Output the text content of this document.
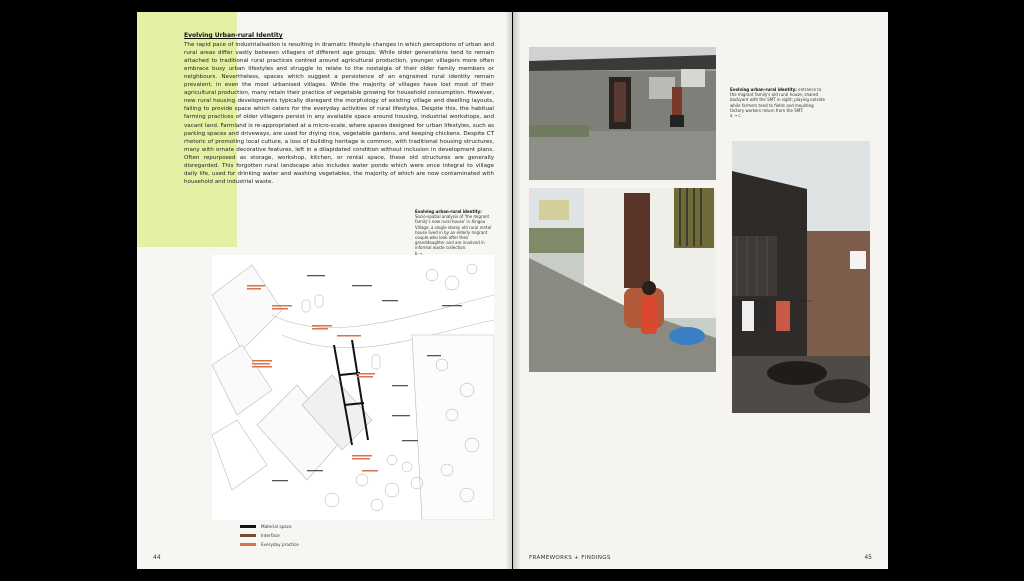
Evolving Urban-rural Identity
The rapid pace of industrialisation is resulting in dramatic lifestyle changes in which perceptions of urban and rural areas differ vastly between villagers of different age groups. While older generations tend to remain attached to traditional rural practices centred around agricultural production, younger villagers more often embrace busy urban lifestyles and struggle to relate to the nostalgia of their older family members or neighbours. Nevertheless, spaces which suggest a persistence of an engrained rural identity remain prevalent, in even the most urbanised villages. While the majority of villages have lost most of their agricultural production, many retain their practice of vegetable growing for household consumption. However, new rural housing developments typically disregard the morphology of existing village and dwelling layouts, failing to provide space which caters for the everyday activities of rural lifestyles. Despite this, the habitual farming practices of older villagers persist in any available space around housing, industrial workshops, and vacant land. Farmland is re-appropriated at a micro-scale, where spaces designed for urban lifestyles, such as parking spaces and driveways, are used for drying rice, vegetable gardens, and keeping chickens. Despite CT rhetoric of promoting local culture, a loss of building heritage is common, with traditional housing structures, many with ornate decorative features, left in a dilapidated condition without inclusion in development plans. Often repurposed as storage, workshop, kitchen, or rental space, these old structures are generally disregarded. This forgotten rural landscape also includes water ponds which were once integral to village daily life, used for drinking water and washing vegetables, the majority of which are now contaminated with household and industrial waste.
Material space
Interface
Everyday practice
44
Evolving urban-rural identity: entrance to the migrant family's old rural house; shared backyard with the SMT in sight; playing outside while farmers tend to fields and moulding factory workers return from the SMT.
a → c
FRAMEWORKS + FINDINGS	45
Evolving urban-rural identity: Socio-spatial analysis of 'the migrant family's new rural house' in Xingou Village, a single storey old rural rental house lived in by an elderly migrant couple who look after their granddaughter and are involved in informal waste collection.
b →
